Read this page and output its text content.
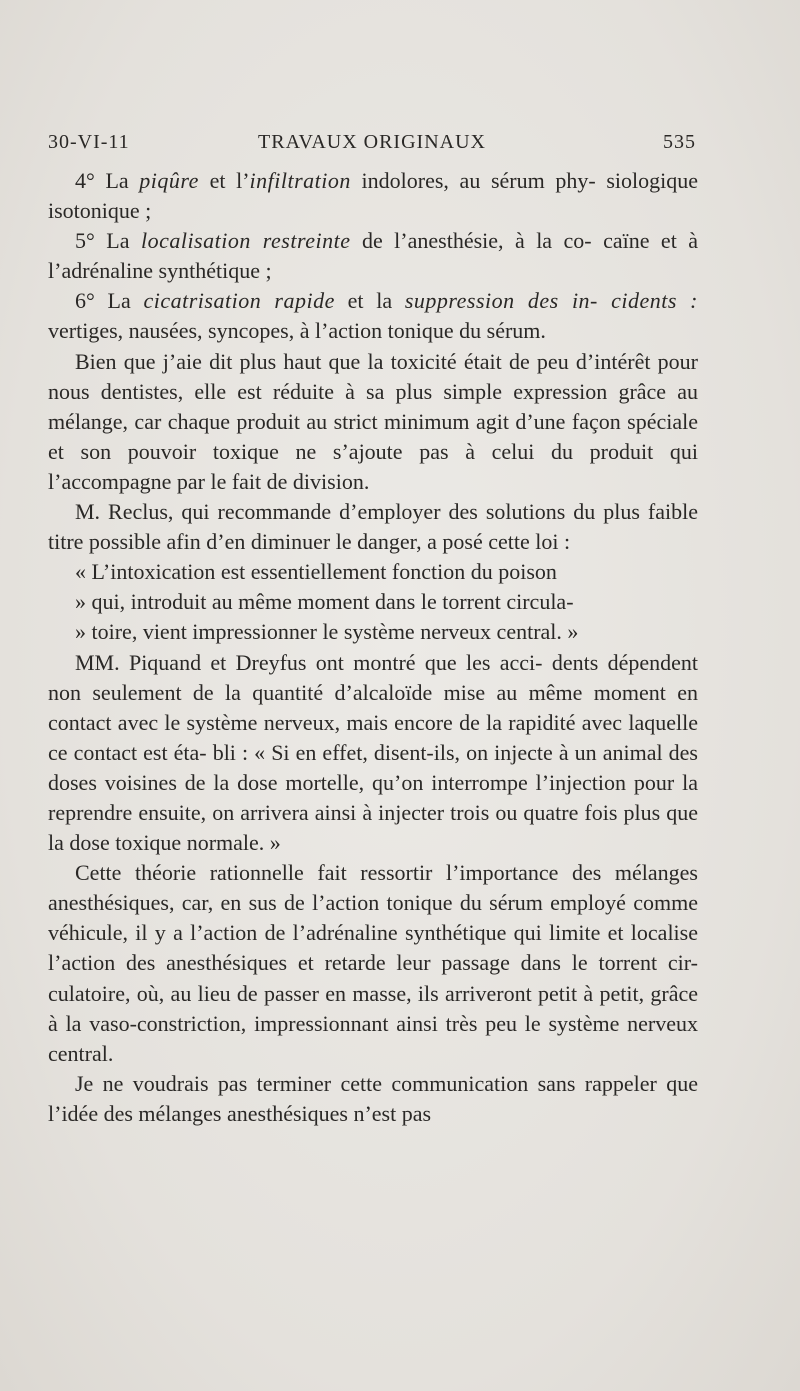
30-VI-11	TRAVAUX ORIGINAUX	535

4° La piqûre et l’infiltration indolores, au sérum phy- siologique isotonique ;

5° La localisation restreinte de l’anesthésie, à la co- caïne et à l’adrénaline synthétique ;

6° La cicatrisation rapide et la suppression des in- cidents : vertiges, nausées, syncopes, à l’action tonique du sérum.

Bien que j’aie dit plus haut que la toxicité était de peu d’intérêt pour nous dentistes, elle est réduite à sa plus simple expression grâce au mélange, car chaque produit au strict minimum agit d’une façon spéciale et son pouvoir toxique ne s’ajoute pas à celui du produit qui l’accompagne par le fait de division.

M. Reclus, qui recommande d’employer des solutions du plus faible titre possible afin d’en diminuer le danger, a posé cette loi :

« L’intoxication est essentiellement fonction du poison

» qui, introduit au même moment dans le torrent circula-

» toire, vient impressionner le système nerveux central. »

MM. Piquand et Dreyfus ont montré que les acci- dents dépendent non seulement de la quantité d’alcaloïde mise au même moment en contact avec le système nerveux, mais encore de la rapidité avec laquelle ce contact est éta- bli : « Si en effet, disent-ils, on injecte à un animal des doses voisines de la dose mortelle, qu’on interrompe l’injection pour la reprendre ensuite, on arrivera ainsi à injecter trois ou quatre fois plus que la dose toxique normale. »

Cette théorie rationnelle fait ressortir l’importance des mélanges anesthésiques, car, en sus de l’action tonique du sérum employé comme véhicule, il y a l’action de l’adrénaline synthétique qui limite et localise l’action des anesthésiques et retarde leur passage dans le torrent cir- culatoire, où, au lieu de passer en masse, ils arriveront petit à petit, grâce à la vaso-constriction, impressionnant ainsi très peu le système nerveux central.

Je ne voudrais pas terminer cette communication sans rappeler que l’idée des mélanges anesthésiques n’est pas
